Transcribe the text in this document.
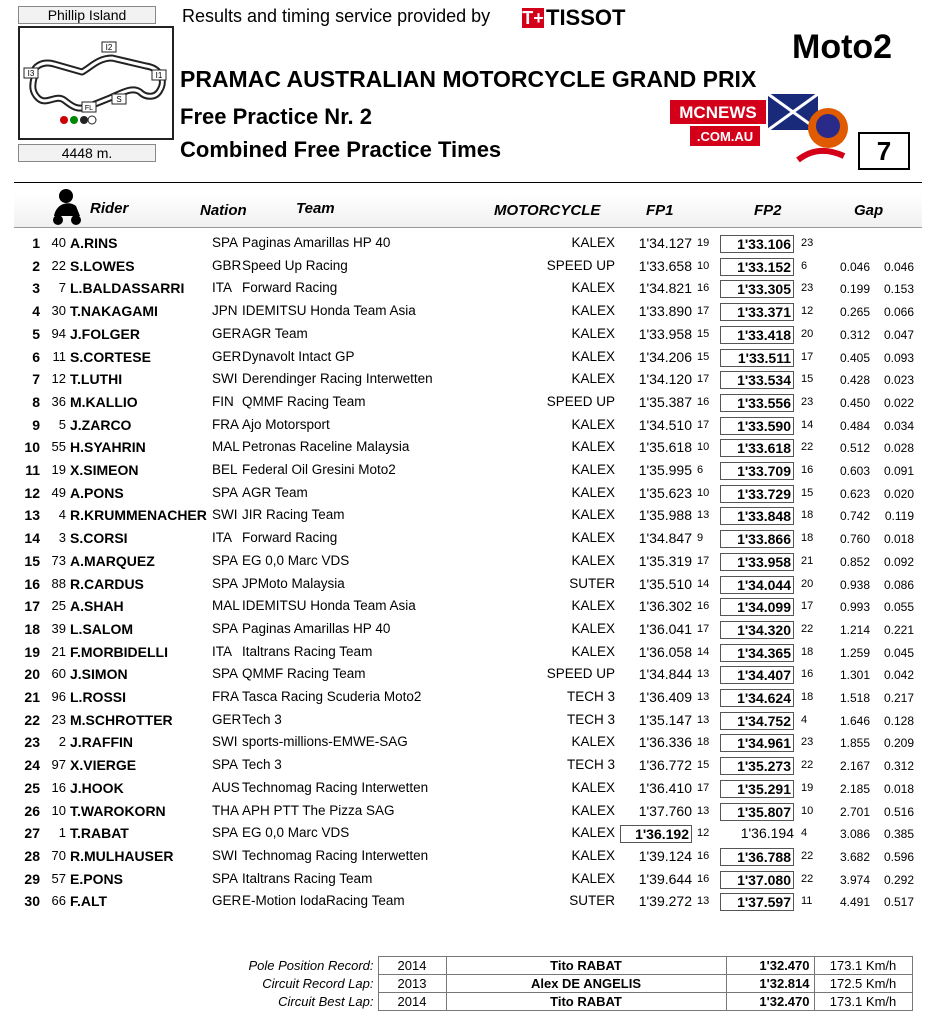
Phillip Island
I2
I1
I3
S
FL
4448 m.
Results and timing service provided by T+ TISSOT
Moto2
PRAMAC AUSTRALIAN MOTORCYCLE GRAND PRIX
Free Practice Nr. 2
Combined Free Practice Times
MCNEWS
.COM.AU	7
Rider	Nation	Team	MOTORCYCLE	FP1	FP2	Gap
1 40 A.RINS	SPA Paginas Amarillas HP 40	KALEX	1'34.127 19	1'33.106 23
2 22 S.LOWES	GBR Speed Up Racing	SPEED UP	1'33.658 10	1'33.152 6	0.046	0.046
3	7 L.BALDASSARRI ITA Forward Racing	KALEX	1'34.821 16	1'33.305 23	0.199	0.153
4 30 T.NAKAGAMI	JPN IDEMITSU Honda Team Asia	KALEX	1'33.890 17	1'33.371 12	0.265	0.066
5 94 J.FOLGER	GER AGR Team	KALEX	1'33.958 15	1'33.418 20	0.312	0.047
6 11 S.CORTESE	GER Dynavolt Intact GP	KALEX	1'34.206 15	1'33.511 17	0.405	0.093
7 12 T.LUTHI	SWI Derendinger Racing Interwetten	KALEX	1'34.120 17	1'33.534 15	0.428	0.023
8 36 M.KALLIO	FIN QMMF Racing Team	SPEED UP	1'35.387 16	1'33.556 23	0.450	0.022
9	5 J.ZARCO	FRA Ajo Motorsport	KALEX	1'34.510 17	1'33.590 14	0.484	0.034
10 55 H.SYAHRIN	MAL Petronas Raceline Malaysia	KALEX	1'35.618 10	1'33.618 22	0.512	0.028
11 19 X.SIMEON	BEL Federal Oil Gresini Moto2	KALEX	1'35.995 6	1'33.709 16	0.603	0.091
12 49 A.PONS	SPA AGR Team	KALEX	1'35.623 10	1'33.729 15	0.623	0.020
13	4 R.KRUMMENACHER SWI JIR Racing Team	KALEX	1'35.988 13	1'33.848 18	0.742	0.119
14	3 S.CORSI	ITA Forward Racing	KALEX	1'34.847 9	1'33.866 18	0.760	0.018
15 73 A.MARQUEZ	SPA EG 0,0 Marc VDS	KALEX	1'35.319 17	1'33.958 21	0.852	0.092
16 88 R.CARDUS	SPA JPMoto Malaysia	SUTER	1'35.510 14	1'34.044 20	0.938	0.086
17 25 A.SHAH	MAL IDEMITSU Honda Team Asia	KALEX	1'36.302 16	1'34.099 17	0.993	0.055
18 39 L.SALOM	SPA Paginas Amarillas HP 40	KALEX	1'36.041 17	1'34.320 22	1.214	0.221
19 21 F.MORBIDELLI	ITA Italtrans Racing Team	KALEX	1'36.058 14	1'34.365 18	1.259	0.045
20 60 J.SIMON	SPA QMMF Racing Team	SPEED UP	1'34.844 13	1'34.407 16	1.301	0.042
21 96 L.ROSSI	FRA Tasca Racing Scuderia Moto2	TECH 3	1'36.409 13	1'34.624 18	1.518	0.217
22 23 M.SCHROTTER	GER Tech 3	TECH 3	1'35.147 13	1'34.752 4	1.646	0.128
23	2 J.RAFFIN	SWI sports-millions-EMWE-SAG	KALEX	1'36.336 18	1'34.961 23	1.855	0.209
24 97 X.VIERGE	SPA Tech 3	TECH 3	1'36.772 15	1'35.273 22	2.167	0.312
25 16 J.HOOK	AUS Technomag Racing Interwetten	KALEX	1'36.410 17	1'35.291 19	2.185	0.018
26 10 T.WAROKORN	THA APH PTT The Pizza SAG	KALEX	1'37.760 13	1'35.807 10	2.701	0.516
27	1 T.RABAT	SPA EG 0,0 Marc VDS	KALEX	1'36.192 12	1'36.194 4	3.086	0.385
28 70 R.MULHAUSER	SWI Technomag Racing Interwetten	KALEX	1'39.124 16	1'36.788 22	3.682	0.596
29 57 E.PONS	SPA Italtrans Racing Team	KALEX	1'39.644 16	1'37.080 22	3.974	0.292
30 66 F.ALT	GER E-Motion IodaRacing Team	SUTER	1'39.272 13	1'37.597 11	4.491	0.517
Pole Position Record:	2014	Tito RABAT	1'32.470	173.1 Km/h
Circuit Record Lap:	2013	Alex DE ANGELIS	1'32.814	172.5 Km/h
Circuit Best Lap:	2014	Tito RABAT	1'32.470	173.1 Km/h
